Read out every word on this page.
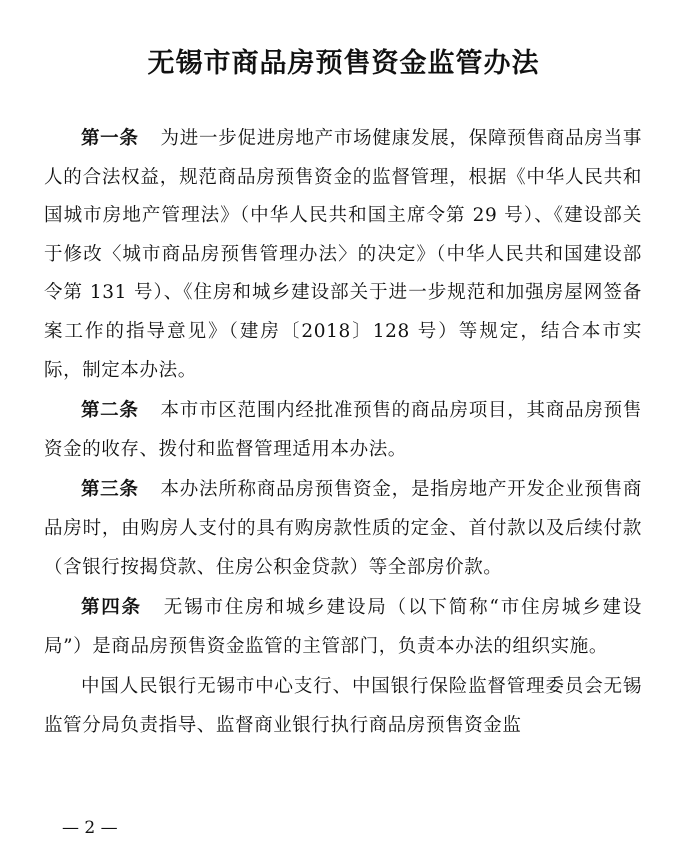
无锡市商品房预售资金监管办法

第一条 为进一步促进房地产市场健康发展，保障预售商品房当事人的合法权益，规范商品房预售资金的监督管理，根据《中华人民共和国城市房地产管理法》（中华人民共和国主席令第 29 号）、《建设部关于修改〈城市商品房预售管理办法〉的决定》（中华人民共和国建设部令第 131 号）、《住房和城乡建设部关于进一步规范和加强房屋网签备案工作的指导意见》（建房〔2018〕128 号）等规定，结合本市实际，制定本办法。

第二条 本市市区范围内经批准预售的商品房项目，其商品房预售资金的收存、拨付和监督管理适用本办法。

第三条 本办法所称商品房预售资金，是指房地产开发企业预售商品房时，由购房人支付的具有购房款性质的定金、首付款以及后续付款（含银行按揭贷款、住房公积金贷款）等全部房价款。

第四条 无锡市住房和城乡建设局（以下简称“市住房城乡建设局”）是商品房预售资金监管的主管部门，负责本办法的组织实施。

中国人民银行无锡市中心支行、中国银行保险监督管理委员会无锡监管分局负责指导、监督商业银行执行商品房预售资金监

— 2 —
